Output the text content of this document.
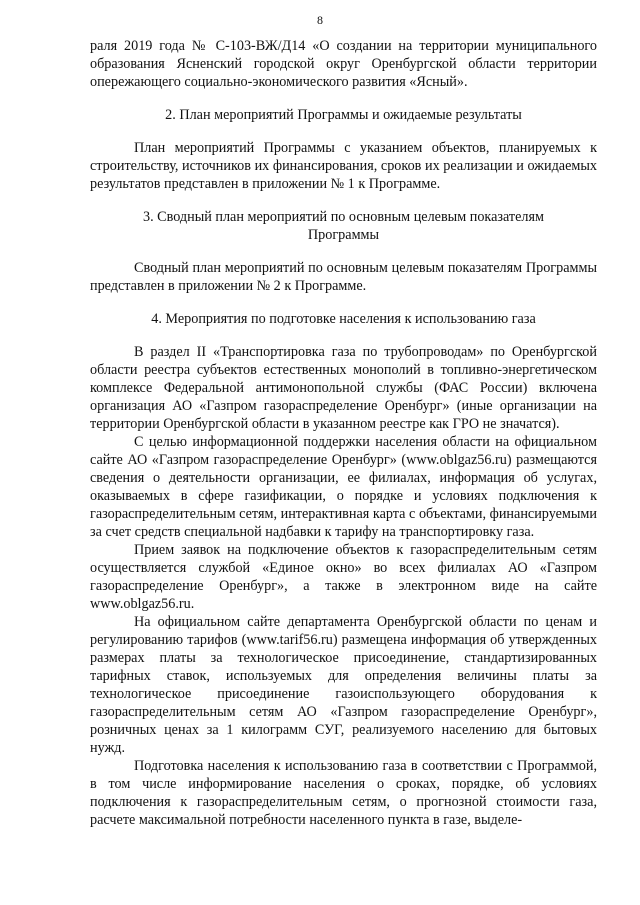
8

раля 2019 года № С-103-ВЖ/Д14 «О создании на территории муниципального образования Ясненский городской округ Оренбургской области территории опережающего социально-экономического развития «Ясный».

2. План мероприятий Программы и ожидаемые результаты

План мероприятий Программы с указанием объектов, планируемых к строительству, источников их финансирования, сроков их реализации и ожидаемых результатов представлен в приложении № 1 к Программе.

3. Сводный план мероприятий по основным целевым показателям
Программы

Сводный план мероприятий по основным целевым показателям Программы представлен в приложении № 2 к Программе.

4. Мероприятия по подготовке населения к использованию газа

В раздел II «Транспортировка газа по трубопроводам» по Оренбургской области реестра субъектов естественных монополий в топливно-энергетическом комплексе Федеральной антимонопольной службы (ФАС России) включена организация АО «Газпром газораспределение Оренбург» (иные организации на территории Оренбургской области в указанном реестре как ГРО не значатся).

С целью информационной поддержки населения области на официальном сайте АО «Газпром газораспределение Оренбург» (www.oblgaz56.ru) размещаются сведения о деятельности организации, ее филиалах, информация об услугах, оказываемых в сфере газификации, о порядке и условиях подключения к газораспределительным сетям, интерактивная карта с объектами, финансируемыми за счет средств специальной надбавки к тарифу на транспортировку газа.

Прием заявок на подключение объектов к газораспределительным сетям осуществляется службой «Единое окно» во всех филиалах АО «Газпром газораспределение Оренбург», а также в электронном виде на сайте www.oblgaz56.ru.

На официальном сайте департамента Оренбургской области по ценам и регулированию тарифов (www.tarif56.ru) размещена информация об утвержденных размерах платы за технологическое присоединение, стандартизированных тарифных ставок, используемых для определения величины платы за технологическое присоединение газоиспользующего оборудования к газораспределительным сетям АО «Газпром газораспределение Оренбург», розничных ценах за 1 килограмм СУГ, реализуемого населению для бытовых нужд.

Подготовка населения к использованию газа в соответствии с Программой, в том числе информирование населения о сроках, порядке, об условиях подключения к газораспределительным сетям, о прогнозной стоимости газа, расчете максимальной потребности населенного пункта в газе, выделе-
